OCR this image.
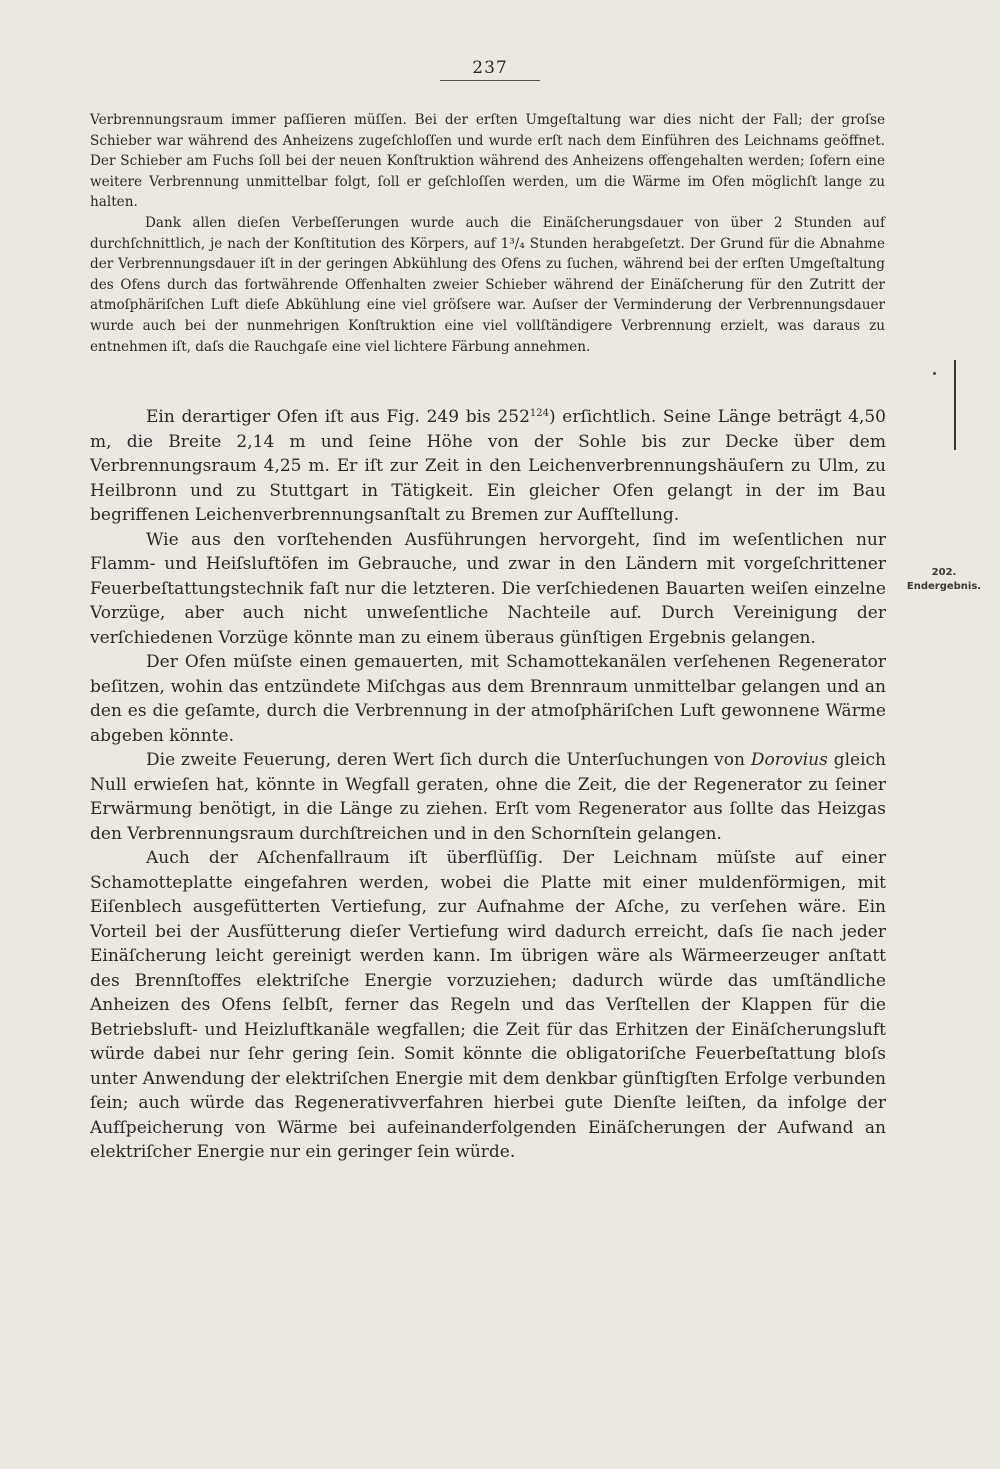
237

Verbrennungsraum immer paſſieren müſſen. Bei der erſten Umgeſtaltung war dies nicht der Fall; der groſse Schieber war während des Anheizens zugeſchloſſen und wurde erſt nach dem Einführen des Leichnams geöffnet. Der Schieber am Fuchs ſoll bei der neuen Konſtruktion während des Anheizens offengehalten werden; ſofern eine weitere Verbrennung unmittelbar folgt, ſoll er geſchloſſen werden, um die Wärme im Ofen möglichſt lange zu halten.

Dank allen dieſen Verbeſſerungen wurde auch die Einäſcherungsdauer von über 2 Stunden auf durchſchnittlich, je nach der Konſtitution des Körpers, auf 1³/₄ Stunden herabgeſetzt. Der Grund für die Abnahme der Verbrennungsdauer iſt in der geringen Abkühlung des Ofens zu ſuchen, während bei der erſten Umgeſtaltung des Ofens durch das fortwährende Offenhalten zweier Schieber während der Einäſcherung für den Zutritt der atmoſphäriſchen Luft dieſe Abkühlung eine viel gröſsere war. Auſser der Verminderung der Verbrennungsdauer wurde auch bei der nunmehrigen Konſtruktion eine viel vollſtändigere Verbrennung erzielt, was daraus zu entnehmen iſt, daſs die Rauchgaſe eine viel lichtere Färbung annehmen.

Ein derartiger Ofen iſt aus Fig. 249 bis $252^{124}$) erſichtlich. Seine Länge beträgt 4,50 m, die Breite 2,14 m und ſeine Höhe von der Sohle bis zur Decke über dem Verbrennungsraum 4,25 m. Er iſt zur Zeit in den Leichenverbrennungshäuſern zu Ulm, zu Heilbronn und zu Stuttgart in Tätigkeit. Ein gleicher Ofen gelangt in der im Bau begriffenen Leichenverbrennungsanſtalt zu Bremen zur Aufſtellung.

Wie aus den vorſtehenden Ausführungen hervorgeht, ſind im weſentlichen nur Flamm- und Heiſsluftöfen im Gebrauche, und zwar in den Ländern mit vorgeſchrittener Feuerbeſtattungstechnik faſt nur die letzteren. Die verſchiedenen Bauarten weiſen einzelne Vorzüge, aber auch nicht unweſentliche Nachteile auf. Durch Vereinigung der verſchiedenen Vorzüge könnte man zu einem überaus günſtigen Ergebnis gelangen.

Der Ofen müſste einen gemauerten, mit Schamottekanälen verſehenen Regenerator beſitzen, wohin das entzündete Miſchgas aus dem Brennraum unmittelbar gelangen und an den es die geſamte, durch die Verbrennung in der atmoſphäriſchen Luft gewonnene Wärme abgeben könnte.

Die zweite Feuerung, deren Wert ſich durch die Unterſuchungen von Dorovius gleich Null erwieſen hat, könnte in Wegfall geraten, ohne die Zeit, die der Regenerator zu ſeiner Erwärmung benötigt, in die Länge zu ziehen. Erſt vom Regenerator aus ſollte das Heizgas den Verbrennungsraum durchſtreichen und in den Schornſtein gelangen.

Auch der Aſchenfallraum iſt überflüſſig. Der Leichnam müſste auf einer Schamotteplatte eingefahren werden, wobei die Platte mit einer muldenförmigen, mit Eiſenblech ausgefütterten Vertiefung, zur Aufnahme der Aſche, zu verſehen wäre. Ein Vorteil bei der Ausfütterung dieſer Vertiefung wird dadurch erreicht, daſs ſie nach jeder Einäſcherung leicht gereinigt werden kann. Im übrigen wäre als Wärmeerzeuger anſtatt des Brennſtoffes elektriſche Energie vorzuziehen; dadurch würde das umſtändliche Anheizen des Ofens ſelbſt, ferner das Regeln und das Verſtellen der Klappen für die Betriebsluft- und Heizluftkanäle wegfallen; die Zeit für das Erhitzen der Einäſcherungsluft würde dabei nur ſehr gering ſein. Somit könnte die obligatoriſche Feuerbeſtattung bloſs unter Anwendung der elektriſchen Energie mit dem denkbar günſtigſten Erfolge verbunden ſein; auch würde das Regenerativverfahren hierbei gute Dienſte leiſten, da infolge der Aufſpeicherung von Wärme bei aufeinanderfolgenden Einäſcherungen der Aufwand an elektriſcher Energie nur ein geringer ſein würde.

202.
Endergebnis.
